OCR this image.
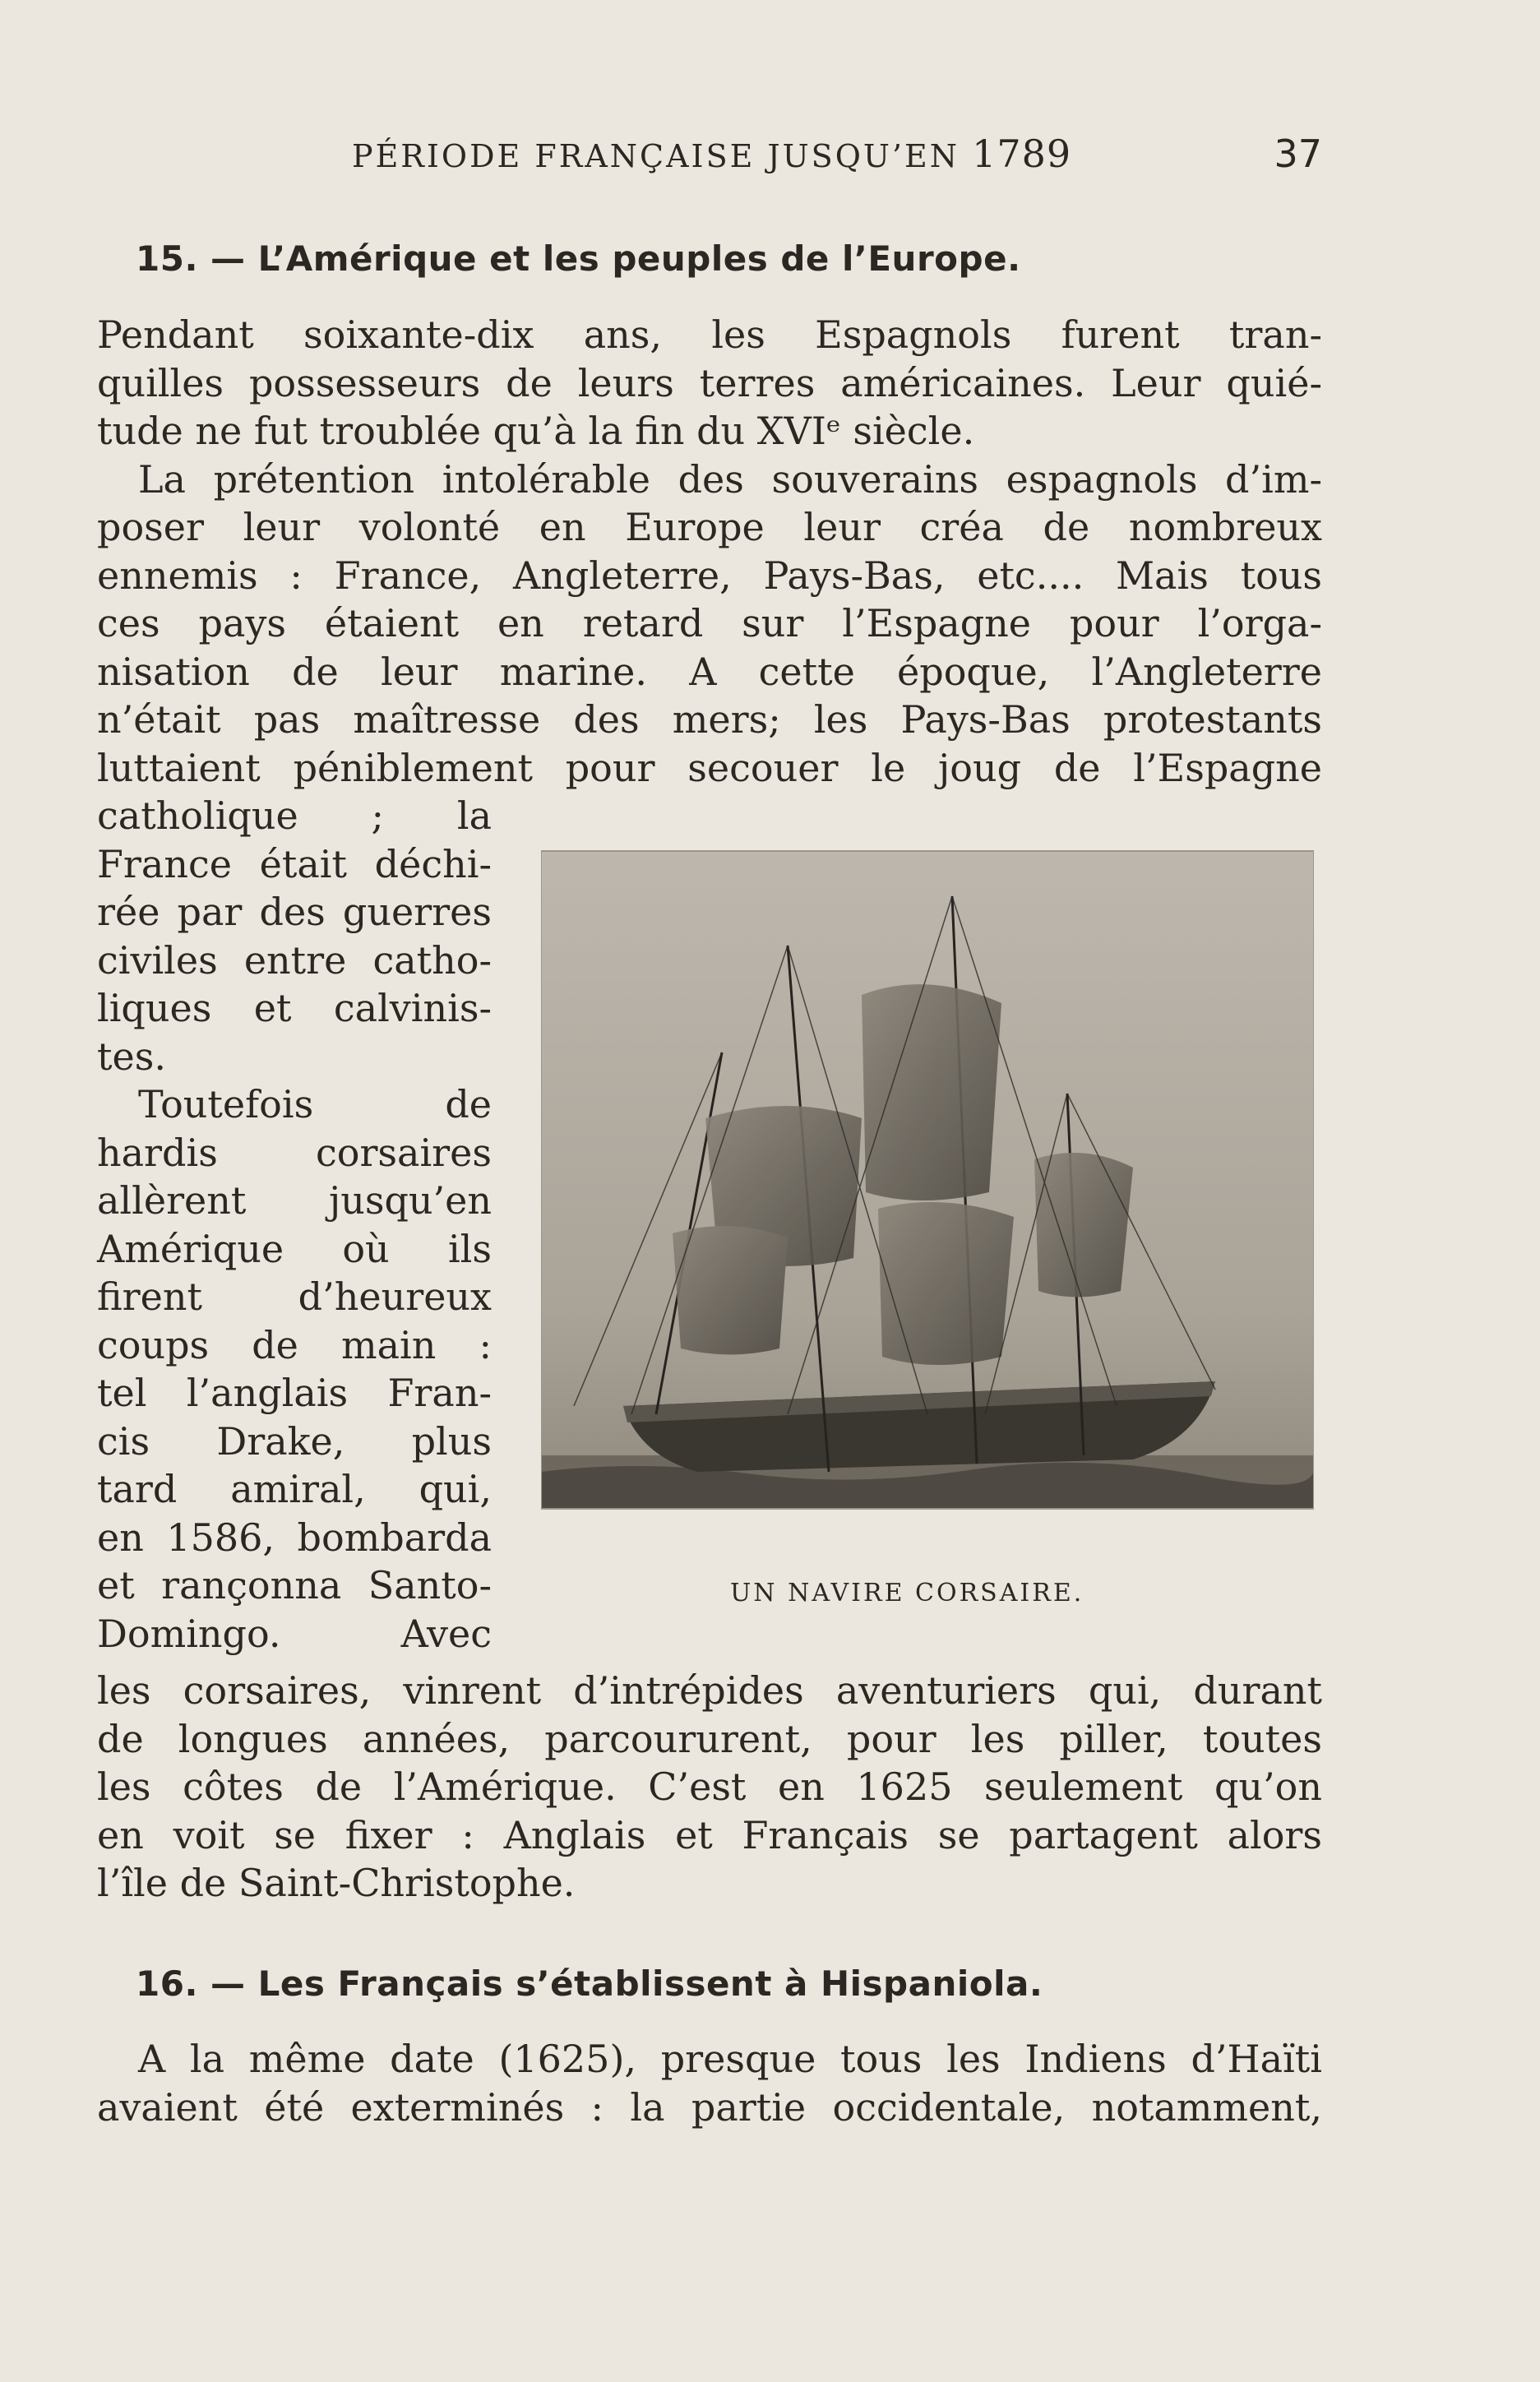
PÉRIODE FRANÇAISE JUSQU’EN 1789	37
15. — L’Amérique et les peuples de l’Europe.
Pendant soixante-dix ans, les Espagnols furent tran-
quilles possesseurs de leurs terres américaines. Leur quié-
tude ne fut troublée qu’à la fin du XVIᵉ siècle.
La prétention intolérable des souverains espagnols d’im-
poser leur volonté en Europe leur créa de nombreux
ennemis : France, Angleterre, Pays-Bas, etc.... Mais tous
ces pays étaient en retard sur l’Espagne pour l’orga-
nisation de leur marine. A cette époque, l’Angleterre
n’était pas maîtresse des mers; les Pays-Bas protestants
luttaient péniblement pour secouer le joug de l’Espagne
catholique ; la
France était déchi-
rée par des guerres
civiles entre catho-
liques et calvinis-
tes.
Toutefois de
hardis corsaires
allèrent jusqu’en
Amérique où ils
firent d’heureux
coups de main :
tel l’anglais Fran-
cis Drake, plus
tard amiral, qui,
en 1586, bombarda
et rançonna Santo-
Domingo. Avec
UN NAVIRE CORSAIRE.
les corsaires, vinrent d’intrépides aventuriers qui, durant
de longues années, parcoururent, pour les piller, toutes
les côtes de l’Amérique. C’est en 1625 seulement qu’on
en voit se fixer : Anglais et Français se partagent alors
l’île de Saint-Christophe.
16. — Les Français s’établissent à Hispaniola.
A la même date (1625), presque tous les Indiens d’Haïti
avaient été exterminés : la partie occidentale, notamment,
